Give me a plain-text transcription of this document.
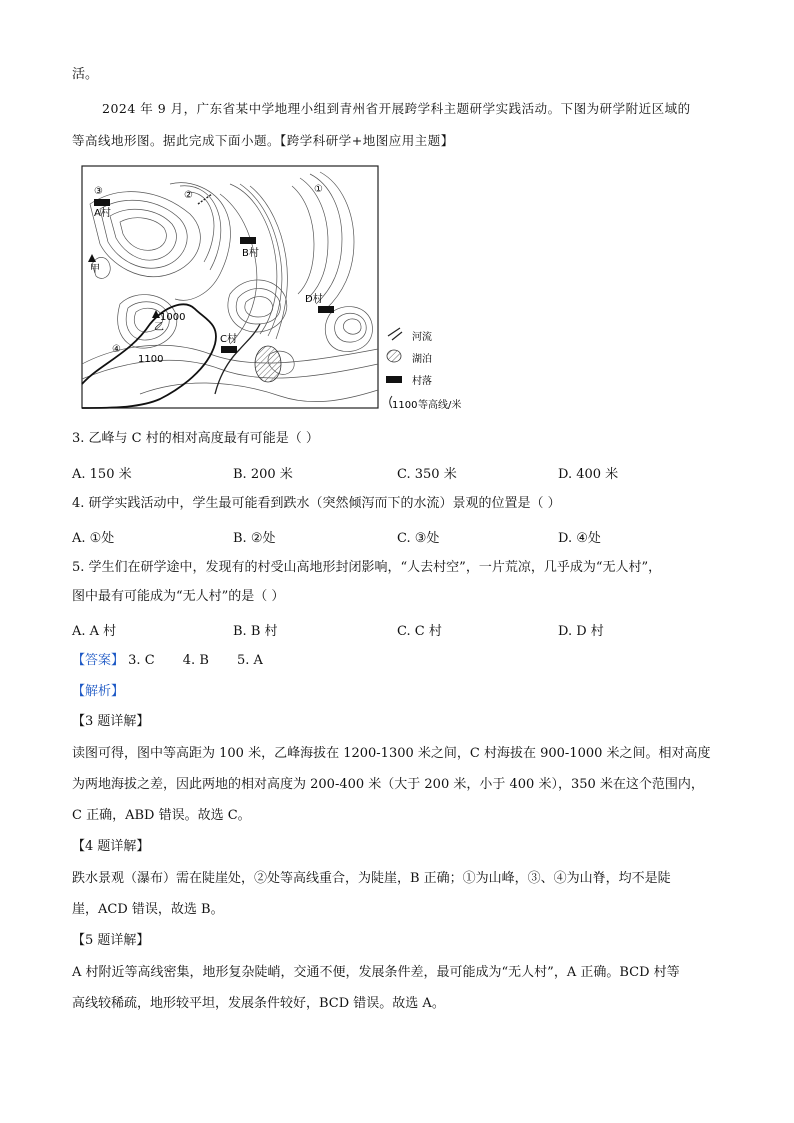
活。
2024 年 9 月，广东省某中学地理小组到青州省开展跨学科主题研学实践活动。下图为研学附近区域的
等高线地形图。据此完成下面小题。【跨学科研学+地图应用主题】
A村
B村
C村
D村
甲
乙
1000
1100
①
②
③
④
河流
湖泊
村落
1100 等高线/米
3. 乙峰与 C 村的相对高度最有可能是（ ）
A. 150 米	B. 200 米	C. 350 米	D. 400 米
4. 研学实践活动中，学生最可能看到跌水（突然倾泻而下的水流）景观的位置是（ ）
A. ①处	B. ②处	C. ③处	D. ④处
5. 学生们在研学途中，发现有的村受山高地形封闭影响，“人去村空”，一片荒凉，几乎成为“无人村”，
图中最有可能成为“无人村”的是（ ）
A. A 村	B. B 村	C. C 村	D. D 村
【答案】 3. C 4. B 5. A
【解析】
【3 题详解】
读图可得，图中等高距为 100 米，乙峰海拔在 1200-1300 米之间，C 村海拔在 900-1000 米之间。相对高度
为两地海拔之差，因此两地的相对高度为 200-400 米（大于 200 米，小于 400 米），350 米在这个范围内，
C 正确，ABD 错误。故选 C。
【4 题详解】
跌水景观（瀑布）需在陡崖处，②处等高线重合，为陡崖，B 正确；①为山峰，③、④为山脊，均不是陡
崖，ACD 错误，故选 B。
【5 题详解】
A 村附近等高线密集，地形复杂陡峭，交通不便，发展条件差，最可能成为“无人村”，A 正确。BCD 村等
高线较稀疏，地形较平坦，发展条件较好，BCD 错误。故选 A。
